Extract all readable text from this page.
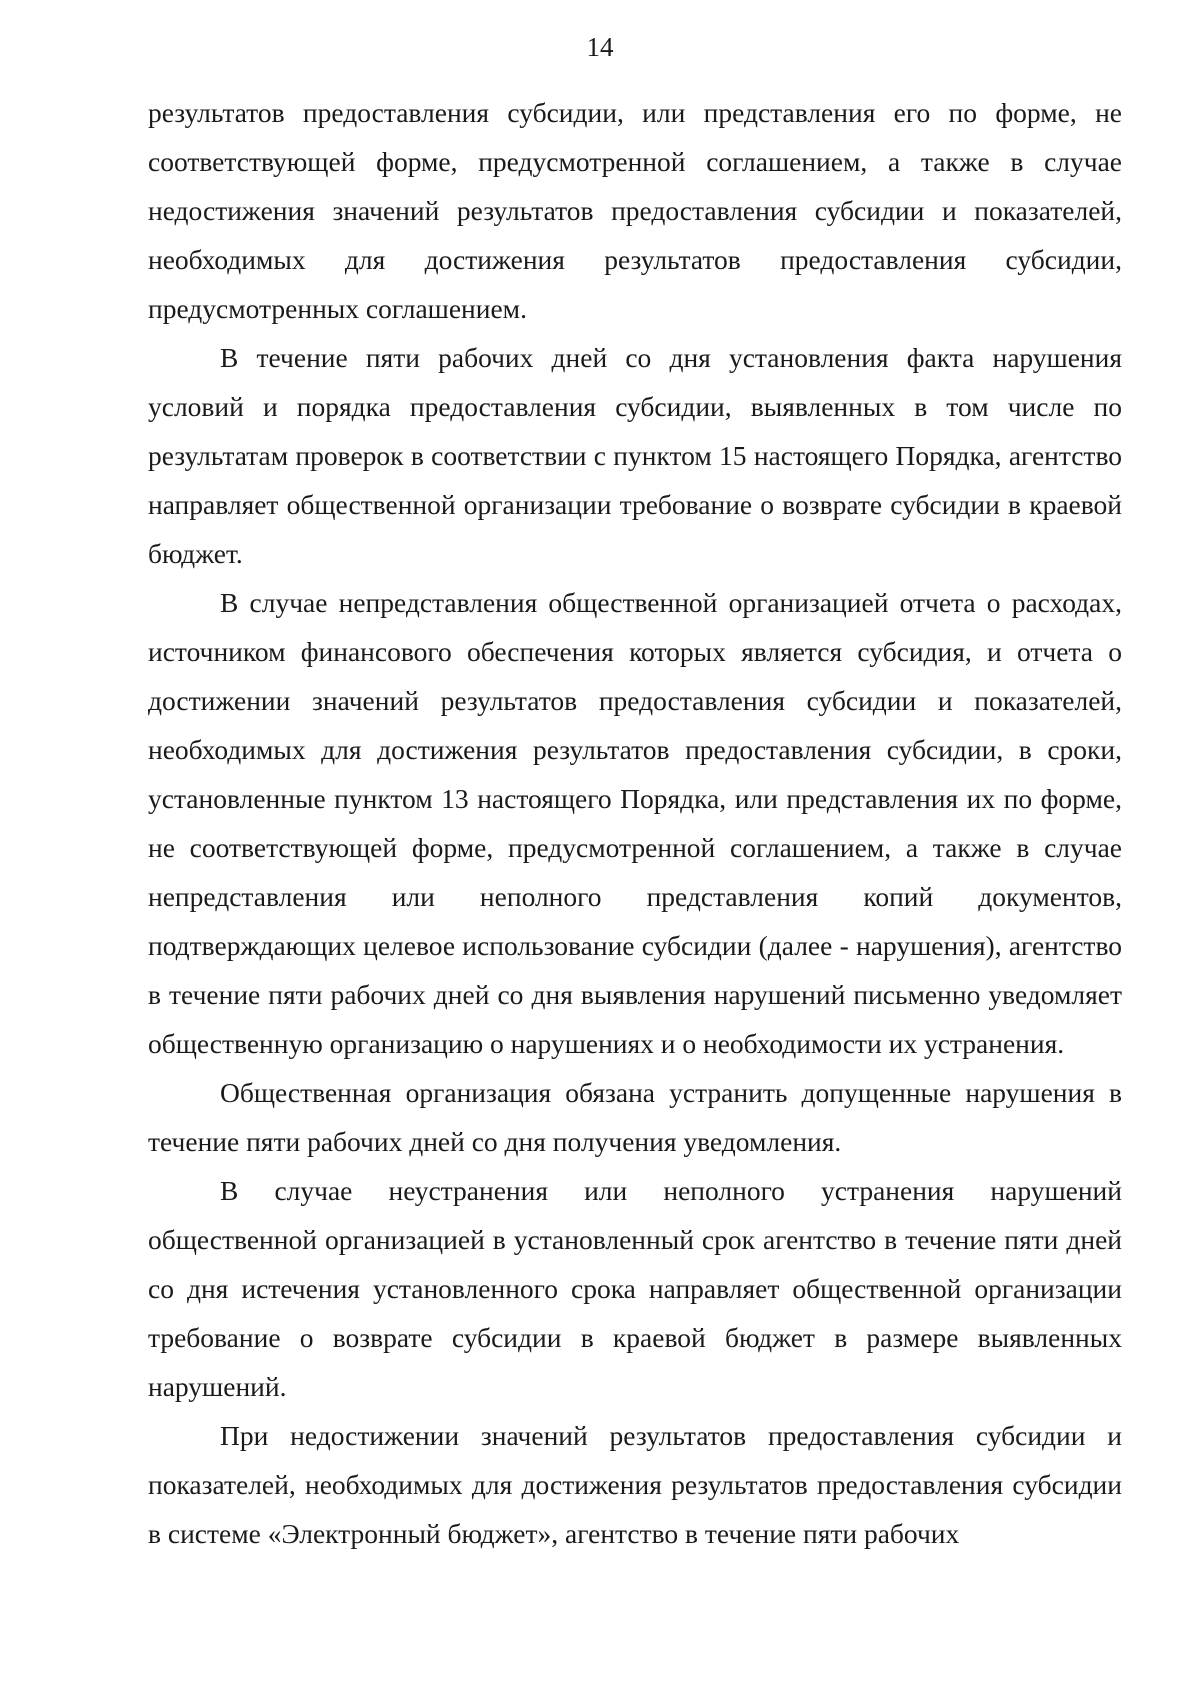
14

результатов предоставления субсидии, или представления его по форме, не соответствующей форме, предусмотренной соглашением, а также в случае недостижения значений результатов предоставления субсидии и показателей, необходимых для достижения результатов предоставления субсидии, предусмотренных соглашением.

В течение пяти рабочих дней со дня установления факта нарушения условий и порядка предоставления субсидии, выявленных в том числе по результатам проверок в соответствии с пунктом 15 настоящего Порядка, агентство направляет общественной организации требование о возврате субсидии в краевой бюджет.

В случае непредставления общественной организацией отчета о расходах, источником финансового обеспечения которых является субсидия, и отчета о достижении значений результатов предоставления субсидии и показателей, необходимых для достижения результатов предоставления субсидии, в сроки, установленные пунктом 13 настоящего Порядка, или представления их по форме, не соответствующей форме, предусмотренной соглашением, а также в случае непредставления или неполного представления копий документов, подтверждающих целевое использование субсидии (далее - нарушения), агентство в течение пяти рабочих дней со дня выявления нарушений письменно уведомляет общественную организацию о нарушениях и о необходимости их устранения.

Общественная организация обязана устранить допущенные нарушения в течение пяти рабочих дней со дня получения уведомления.

В случае неустранения или неполного устранения нарушений общественной организацией в установленный срок агентство в течение пяти дней со дня истечения установленного срока направляет общественной организации требование о возврате субсидии в краевой бюджет в размере выявленных нарушений.

При недостижении значений результатов предоставления субсидии и показателей, необходимых для достижения результатов предоставления субсидии в системе «Электронный бюджет», агентство в течение пяти рабочих
